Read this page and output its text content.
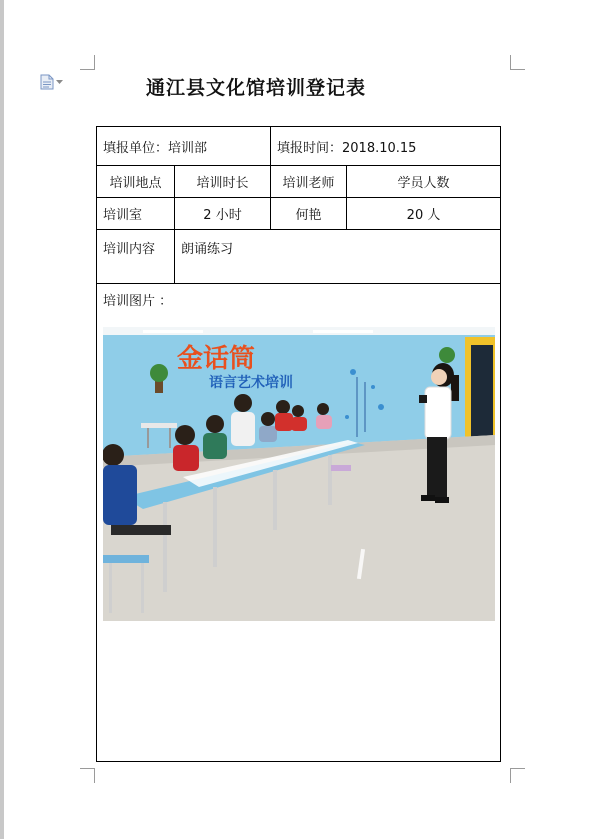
通江县文化馆培训登记表
填报单位：培训部		填报时间：2018.10.15	
培训地点	培训时长	培训老师	学员人数
培训室	2 小时	何艳	20 人
培训内容	朗诵练习		

培训图片 ：
金话筒
语言艺术培训			
